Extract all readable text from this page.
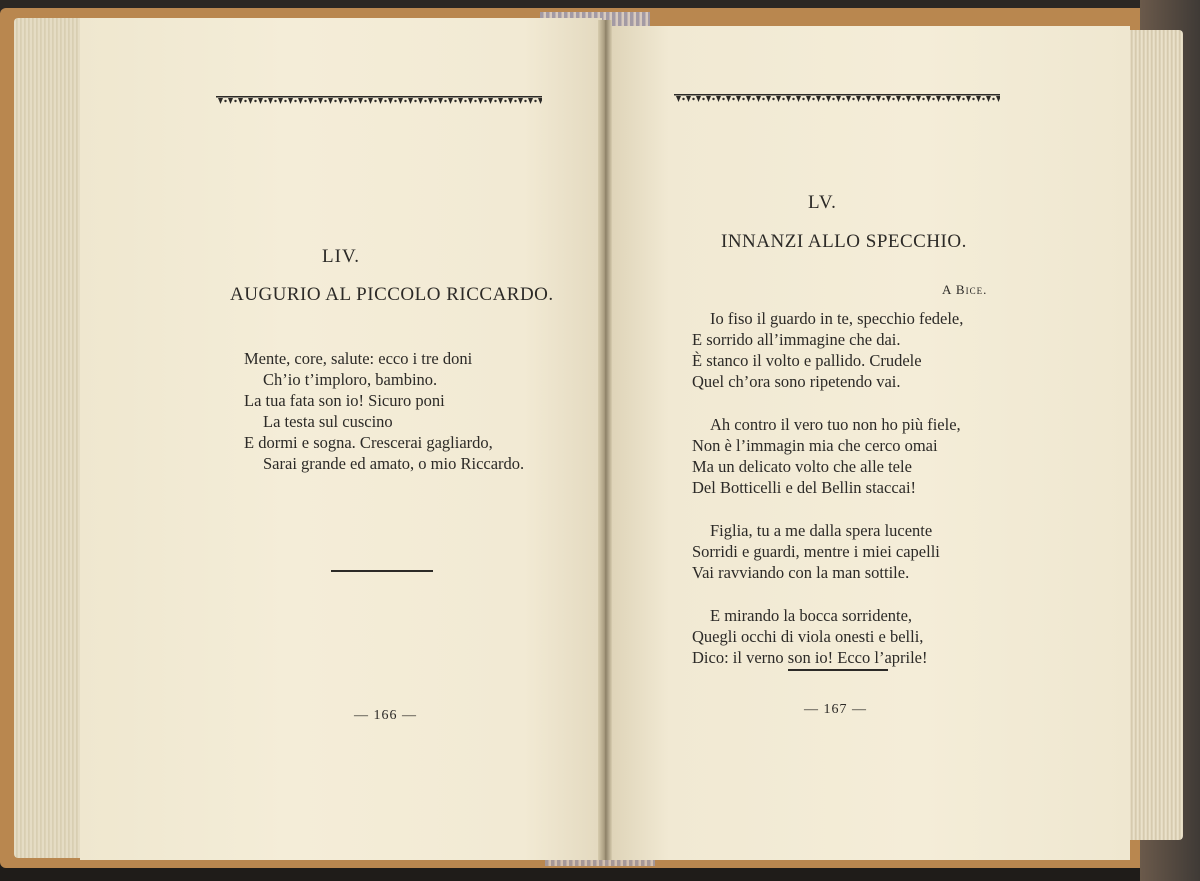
LIV.
AUGURIO AL PICCOLO RICCARDO.
Mente, core, salute: ecco i tre doni
Ch’io t’imploro, bambino.
La tua fata son io! Sicuro poni
La testa sul cuscino
E dormi e sogna. Crescerai gagliardo,
Sarai grande ed amato, o mio Riccardo.
— 166 —
LV.
INNANZI ALLO SPECCHIO.
A Bice.
Io fiso il guardo in te, specchio fedele,
E sorrido all’immagine che dai.
È stanco il volto e pallido. Crudele
Quel ch’ora sono ripetendo vai.
Ah contro il vero tuo non ho più fiele,
Non è l’immagin mia che cerco omai
Ma un delicato volto che alle tele
Del Botticelli e del Bellin staccai!
Figlia, tu a me dalla spera lucente
Sorridi e guardi, mentre i miei capelli
Vai ravviando con la man sottile.
E mirando la bocca sorridente,
Quegli occhi di viola onesti e belli,
Dico: il verno son io! Ecco l’aprile!
— 167 —
